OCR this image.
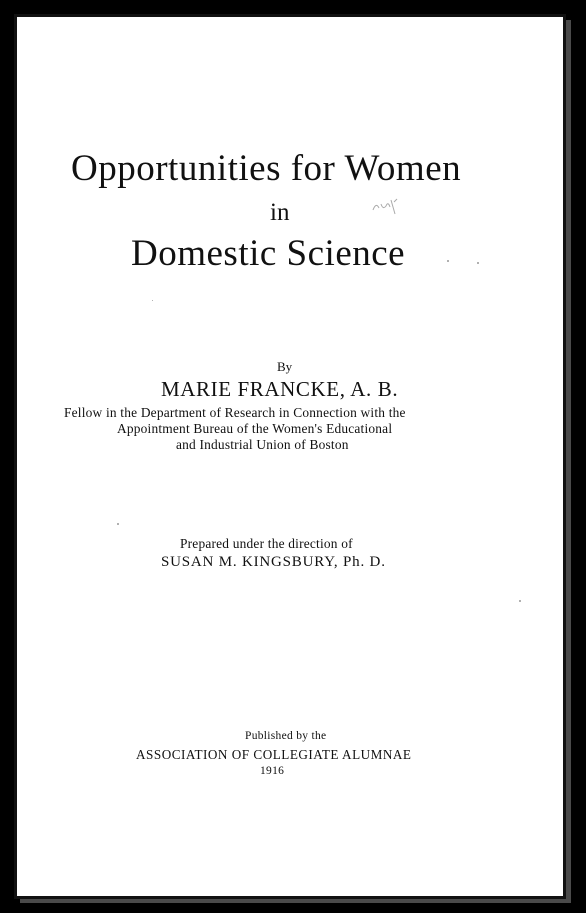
Opportunities for Women
in
Domestic Science
By
MARIE FRANCKE, A. B.
Fellow in the Department of Research in Connection with the
Appointment Bureau of the Women's Educational
and Industrial Union of Boston
Prepared under the direction of
SUSAN M. KINGSBURY, Ph. D.
Published by the
ASSOCIATION OF COLLEGIATE ALUMNAE
1916
